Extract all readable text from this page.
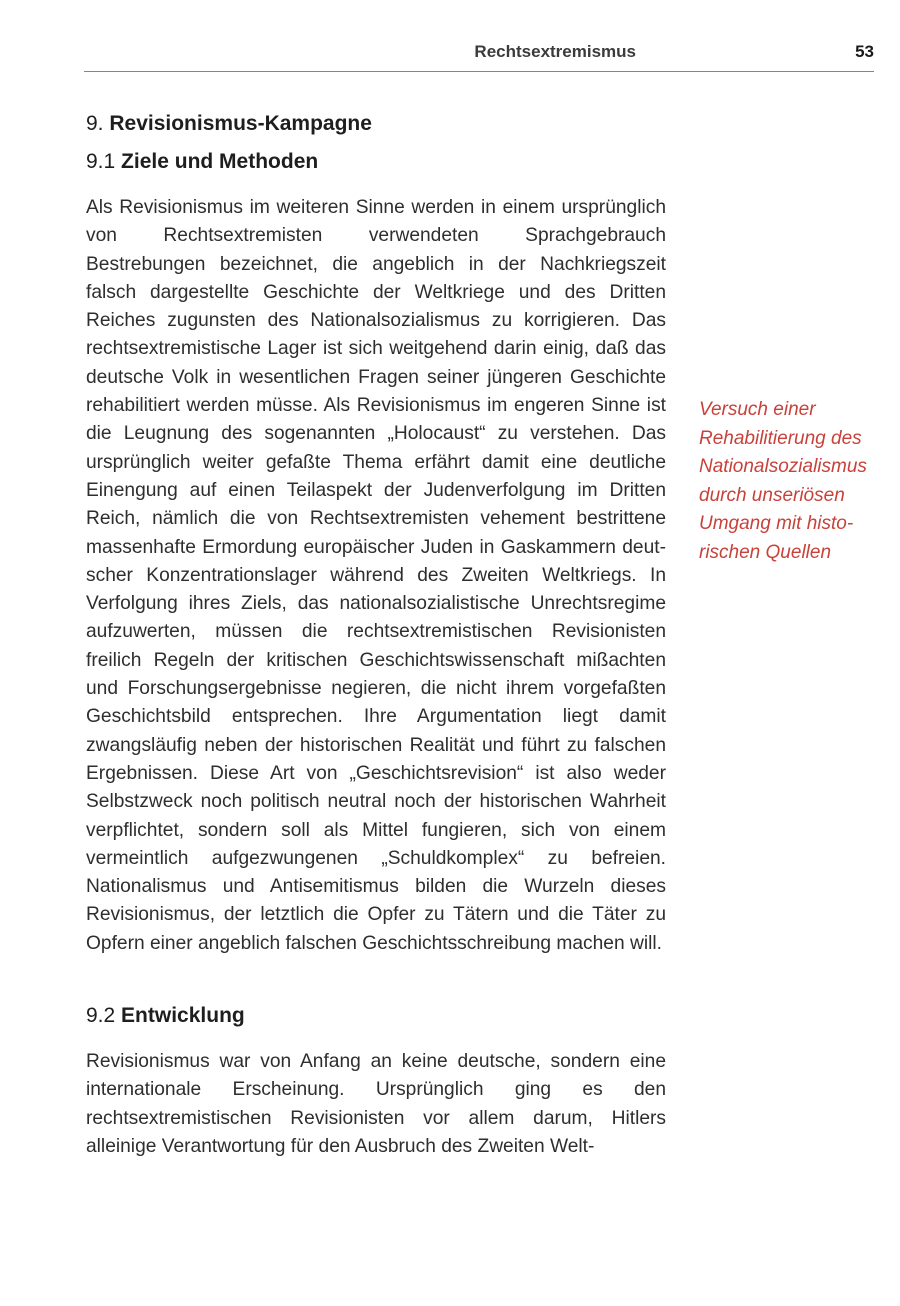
Rechtsextremismus	53
9. Revisionismus-Kampagne
9.1 Ziele und Methoden

Als Revisionismus im weiteren Sinne werden in einem ursprünglich von Rechtsextremisten verwendeten Sprachgebrauch Bestrebungen bezeichnet, die angeblich in der Nachkriegszeit falsch dargestellte Geschichte der Weltkriege und des Dritten Reiches zugunsten des Nationalsozialismus zu korrigieren. Das rechtsextremistische Lager ist sich weitgehend darin einig, daß das deutsche Volk in wesentlichen Fragen seiner jüngeren Geschichte rehabilitiert werden müsse. Als Revisionismus im engeren Sinne ist die Leugnung des sogenannten „Holocaust“ zu verstehen. Das ursprünglich weiter gefaßte Thema erfährt damit eine deutliche Einengung auf einen Teilaspekt der Judenverfolgung im Dritten Reich, nämlich die von Rechtsextremisten vehement bestrittene massenhafte Ermordung europäischer Juden in Gaskammern deutscher Konzentrationslager während des Zweiten Weltkriegs. In Verfolgung ihres Ziels, das nationalsozialistische Unrechtsregime aufzuwerten, müssen die rechtsextremistischen Revisionisten freilich Regeln der kritischen Geschichtswissenschaft mißachten und Forschungsergebnisse negieren, die nicht ihrem vorgefaßten Geschichtsbild entsprechen. Ihre Argumentation liegt damit zwangsläufig neben der historischen Realität und führt zu falschen Ergebnissen. Diese Art von „Geschichtsrevision“ ist also weder Selbstzweck noch politisch neutral noch der historischen Wahrheit verpflichtet, sondern soll als Mittel fungieren, sich von einem vermeintlich aufgezwungenen „Schuldkomplex“ zu befreien. Nationalismus und Antisemitismus bilden die Wurzeln dieses Revisionismus, der letztlich die Opfer zu Tätern und die Täter zu Opfern einer angeblich falschen Geschichtsschreibung machen will.

9.2 Entwicklung

Revisionismus war von Anfang an keine deutsche, sondern eine internationale Erscheinung. Ursprünglich ging es den rechtsextremistischen Revisionisten vor allem darum, Hitlers alleinige Verantwortung für den Ausbruch des Zweiten Welt-

Versuch einer Rehabilitierung des Nationalsozialismus durch unseriösen Umgang mit historischen Quellen
